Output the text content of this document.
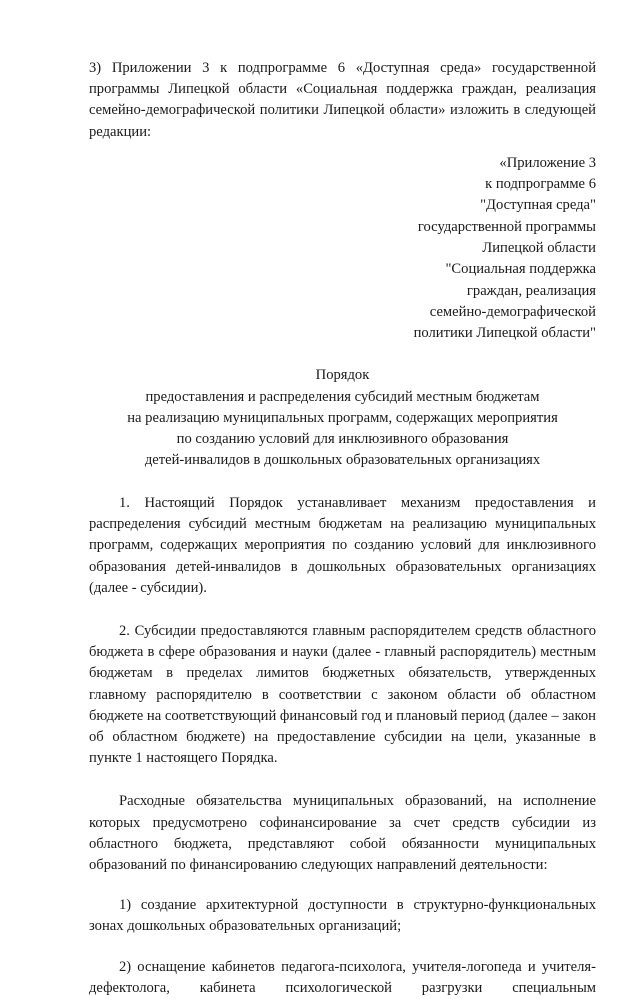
3) Приложении 3 к подпрограмме 6 «Доступная среда» государственной программы Липецкой области «Социальная поддержка граждан, реализация семейно-демографической политики Липецкой области» изложить в следующей редакции:

«Приложение 3
к подпрограмме 6
"Доступная среда"
государственной программы
Липецкой области
"Социальная поддержка
граждан, реализация
семейно-демографической
политики Липецкой области"
Порядок
предоставления и распределения субсидий местным бюджетам
на реализацию муниципальных программ, содержащих мероприятия
по созданию условий для инклюзивного образования
детей-инвалидов в дошкольных образовательных организациях

1. Настоящий Порядок устанавливает механизм предоставления и распределения субсидий местным бюджетам на реализацию муниципальных программ, содержащих мероприятия по созданию условий для инклюзивного образования детей-инвалидов в дошкольных образовательных организациях (далее - субсидии).

2. Субсидии предоставляются главным распорядителем средств областного бюджета в сфере образования и науки (далее - главный распорядитель) местным бюджетам в пределах лимитов бюджетных обязательств, утвержденных главному распорядителю в соответствии с законом области об областном бюджете на соответствующий финансовый год и плановый период (далее – закон об областном бюджете) на предоставление субсидии на цели, указанные в пункте 1 настоящего Порядка.

Расходные обязательства муниципальных образований, на исполнение которых предусмотрено софинансирование за счет средств субсидии из областного бюджета, представляют собой обязанности муниципальных образований по финансированию следующих направлений деятельности:

1) создание архитектурной доступности в структурно-функциональных зонах дошкольных образовательных организаций;

2) оснащение кабинетов педагога-психолога, учителя-логопеда и учителя-дефектолога, кабинета психологической разгрузки специальным
